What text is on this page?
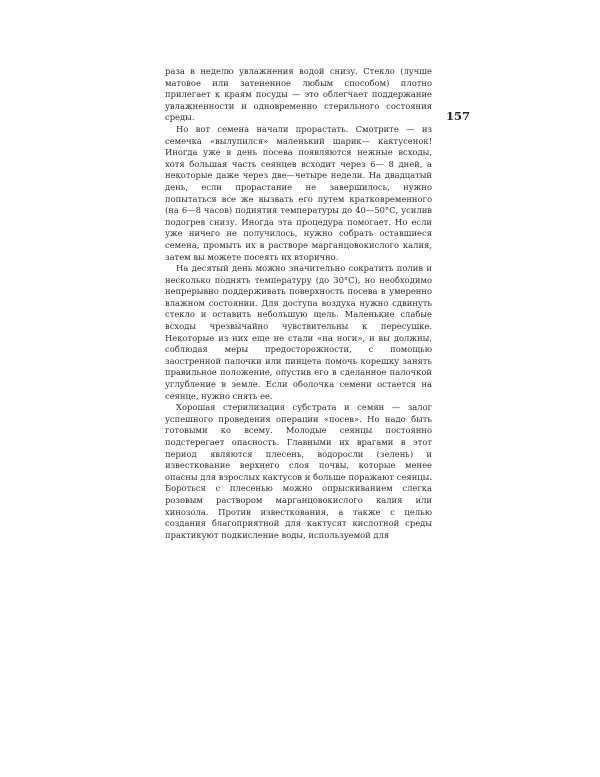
157

раза в неделю увлажнения водой снизу. Стекло (лучше матовое или затененное любым способом) плотно прилегает к краям посуды — это облегчает поддержание увлажненности и одновременно стерильного состояния среды.

Но вот семена начали прорастать. Смотрите — из семечка «вылупился» маленький шарик— кактусенок! Иногда уже в день посева появляются нежные всходы, хотя большая часть сеянцев всходит через 6— 8 дней, а некоторые даже через две—четыре недели. На двадцатый день, если прорастание не завершилось, нужно попытаться все же вызвать его путем кратковременного (на 6—8 часов) поднятия температуры до 40—50°С, усилив подогрев снизу. Иногда эта процедура помогает. Но если уже ничего не получилось, нужно собрать оставшиеся семена, промыть их в растворе марганцовокислого калия, затем вы можете посеять их вторично.

На десятый день можно значительно сократить полив и несколько поднять температуру (до 30°С), но необходимо непрерывно поддерживать поверхность посева в умеренно влажном состоянии. Для доступа воздуха нужно сдвинуть стекло и оставить небольшую щель. Маленькие слабые всходы чрезвычайно чувствительны к пересушке. Некоторые из них еще не стали «на ноги», и вы должны, соблюдая меры предосторожности, с помощью заостренной палочки или пинцета помочь корешку занять правильное положение, опустив его в сделанное палочкой углубление в земле. Если оболочка семени остается на сеянце, нужно снять ее.

Хорошая стерилизация субстрата и семян — залог успешного проведения операции «посев». Но надо быть готовыми ко всему. Молодые сеянцы постоянно подстерегает опасность. Главными их врагами в этот период являются плесень, водоросли (зелень) и известкование верхнего слоя почвы, которые менее опасны для взрослых кактусов и больше поражают сеянцы. Бороться с плесенью можно опрыскиванием слегка розовым раствором марганцовокислого калия или хинозола. Против известкования, а также с целью создания благоприятной для кактусят кислотной среды практикуют подкисление воды, используемой для
